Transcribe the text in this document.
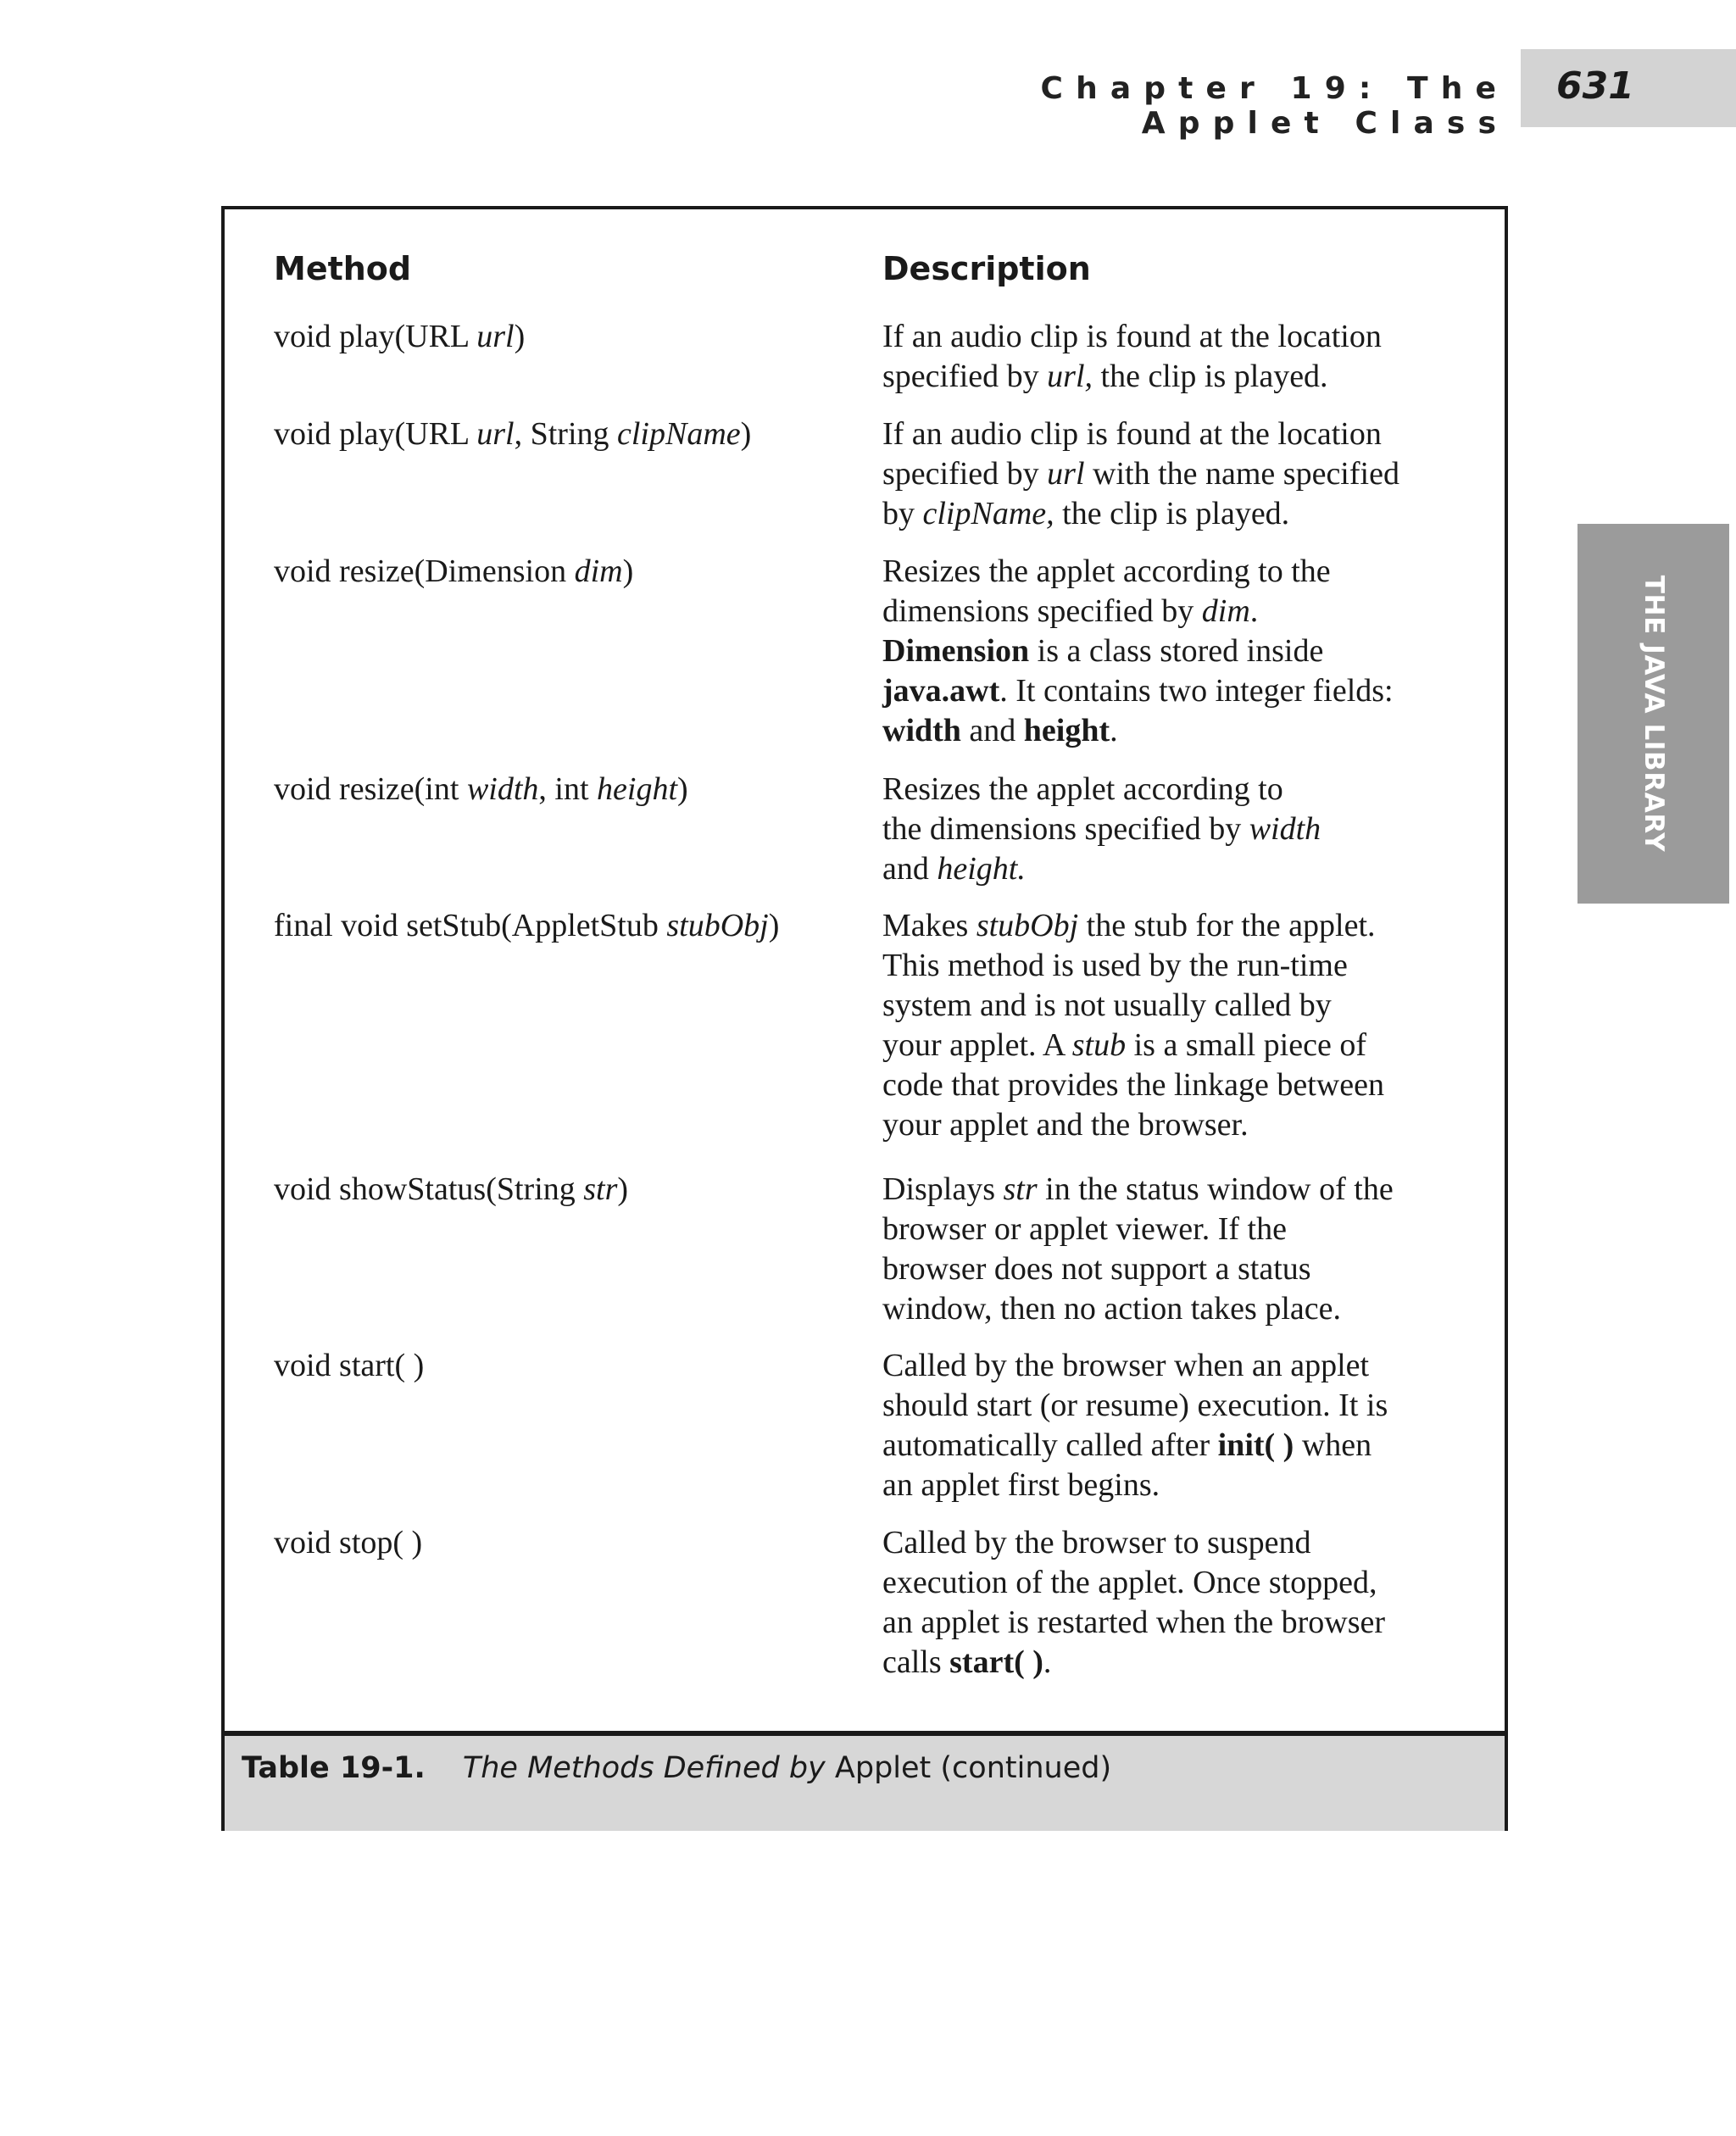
Chapter 19: The Applet Class
631
THE JAVA LIBRARY
Method	Description
void play(URL url)	If an audio clip is found at the location
specified by url, the clip is played.
void play(URL url, String clipName)	If an audio clip is found at the location
specified by url with the name specified
by clipName, the clip is played.
void resize(Dimension dim)	Resizes the applet according to the
dimensions specified by dim.
Dimension is a class stored inside
java.awt. It contains two integer fields:
width and height.
void resize(int width, int height)	Resizes the applet according to
the dimensions specified by width
and height.
final void setStub(AppletStub stubObj)	Makes stubObj the stub for the applet.
This method is used by the run-time
system and is not usually called by
your applet. A stub is a small piece of
code that provides the linkage between
your applet and the browser.
void showStatus(String str)	Displays str in the status window of the
browser or applet viewer. If the
browser does not support a status
window, then no action takes place.
void start( )	Called by the browser when an applet
should start (or resume) execution. It is
automatically called after init( ) when
an applet first begins.
void stop( )	Called by the browser to suspend
execution of the applet. Once stopped,
an applet is restarted when the browser
calls start( ).
Table 19-1. The Methods Defined by Applet (continued)
